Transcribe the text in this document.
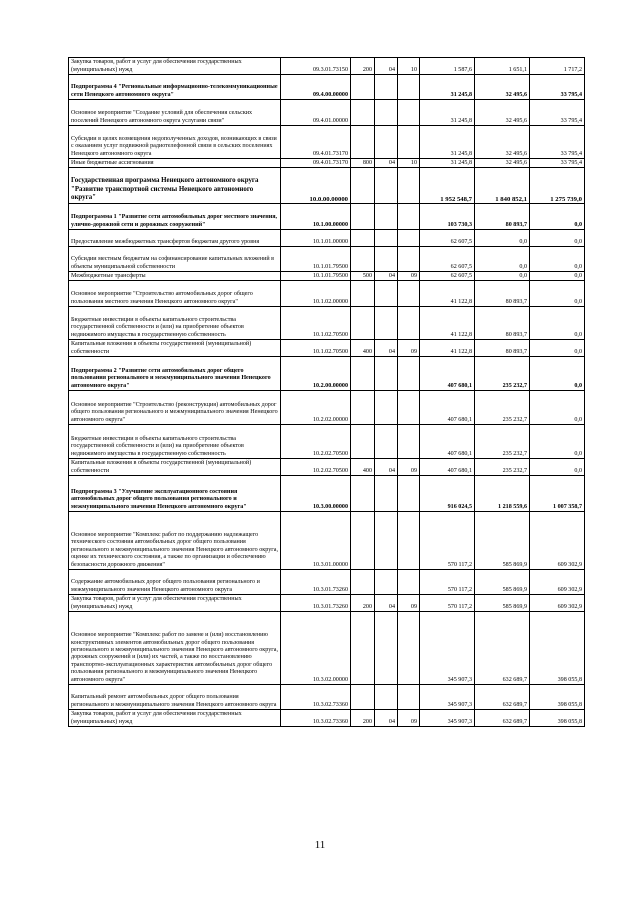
Закупка товаров, работ и услуг для обеспечения государственных (муниципальных) нужд	09.3.01.73150	200	04	10	1 587,6	1 651,1	1 717,2
Подпрограмма 4 "Региональные информационно-телекоммуникационные сети Ненецкого автономного округа"	09.4.00.00000				31 245,8	32 495,6	33 795,4
Основное мероприятие "Создание условий для обеспечения сельских поселений Ненецкого автономного округа услугами связи"	09.4.01.00000				31 245,8	32 495,6	33 795,4
Субсидии в целях возмещения недополученных доходов, возникающих в связи с оказанием услуг подвижной радиотелефонной связи в сельских поселениях Ненецкого автономного округа	09.4.01.73170				31 245,8	32 495,6	33 795,4
Иные бюджетные ассигнования	09.4.01.73170	800	04	10	31 245,8	32 495,6	33 795,4
Государственная программа Ненецкого автономного округа "Развитие транспортной системы Ненецкого автономного округа"	10.0.00.00000				1 952 548,7	1 840 852,1	1 275 739,0
Подпрограмма 1 "Развитие сети автомобильных дорог местного значения, улично-дорожной сети и дорожных сооружений"	10.1.00.00000				103 730,3	80 893,7	0,0
Предоставление межбюджетных трансфертов бюджетам другого уровня	10.1.01.00000				62 607,5	0,0	0,0
Субсидии местным бюджетам на софинансирование капитальных вложений в объекты муниципальной собственности	10.1.01.79500				62 607,5	0,0	0,0
Межбюджетные трансферты	10.1.01.79500	500	04	09	62 607,5	0,0	0,0
Основное мероприятие "Строительство автомобильных дорог общего пользования местного значения Ненецкого автономного округа"	10.1.02.00000				41 122,8	80 893,7	0,0
Бюджетные инвестиции в объекты капитального строительства государственной собственности и (или) на приобретение объектов недвижимого имущества в государственную собственность	10.1.02.70500				41 122,8	80 893,7	0,0
Капитальные вложения в объекты государственной (муниципальной) собственности	10.1.02.70500	400	04	09	41 122,8	80 893,7	0,0
Подпрограмма 2 "Развитие сети автомобильных дорог общего пользования регионального и межмуниципального значения Ненецкого автономного округа"	10.2.00.00000				407 680,1	235 232,7	0,0
Основное мероприятие "Строительство (реконструкция) автомобильных дорог общего пользования регионального и межмуниципального значения Ненецкого автономного округа"	10.2.02.00000				407 680,1	235 232,7	0,0
Бюджетные инвестиции в объекты капитального строительства государственной собственности и (или) на приобретение объектов недвижимого имущества в государственную собственность	10.2.02.70500				407 680,1	235 232,7	0,0
Капитальные вложения в объекты государственной (муниципальной) собственности	10.2.02.70500	400	04	09	407 680,1	235 232,7	0,0
Подпрограмма 3 "Улучшение эксплуатационного состояния автомобильных дорог общего пользования регионального и межмуниципального значения Ненецкого автономного округа"	10.3.00.00000				916 024,5	1 218 559,6	1 007 358,7
Основное мероприятие "Комплекс работ по поддержанию надлежащего технического состояния автомобильных дорог общего пользования регионального и межмуниципального значения Ненецкого автономного округа, оценке их технического состояния, а также по организации и обеспечению безопасности дорожного движения"	10.3.01.00000				570 117,2	585 869,9	609 302,9
Содержание автомобильных дорог общего пользования регионального и межмуниципального значения Ненецкого автономного округа	10.3.01.73260				570 117,2	585 869,9	609 302,9
Закупка товаров, работ и услуг для обеспечения государственных (муниципальных) нужд	10.3.01.73260	200	04	09	570 117,2	585 869,9	609 302,9
Основное мероприятие "Комплекс работ по замене и (или) восстановлению конструктивных элементов автомобильных дорог общего пользования регионального и межмуниципального значения Ненецкого автономного округа, дорожных сооружений и (или) их частей, а также по восстановлению транспортно-эксплуатационных характеристик автомобильных дорог общего пользования регионального и межмуниципального значения Ненецкого автономного округа"	10.3.02.00000				345 907,3	632 689,7	398 055,8
Капитальный ремонт автомобильных дорог общего пользования регионального и межмуниципального значения Ненецкого автономного округа	10.3.02.73360				345 907,3	632 689,7	398 055,8
Закупка товаров, работ и услуг для обеспечения государственных (муниципальных) нужд	10.3.02.73360	200	04	09	345 907,3	632 689,7	398 055,8
11
